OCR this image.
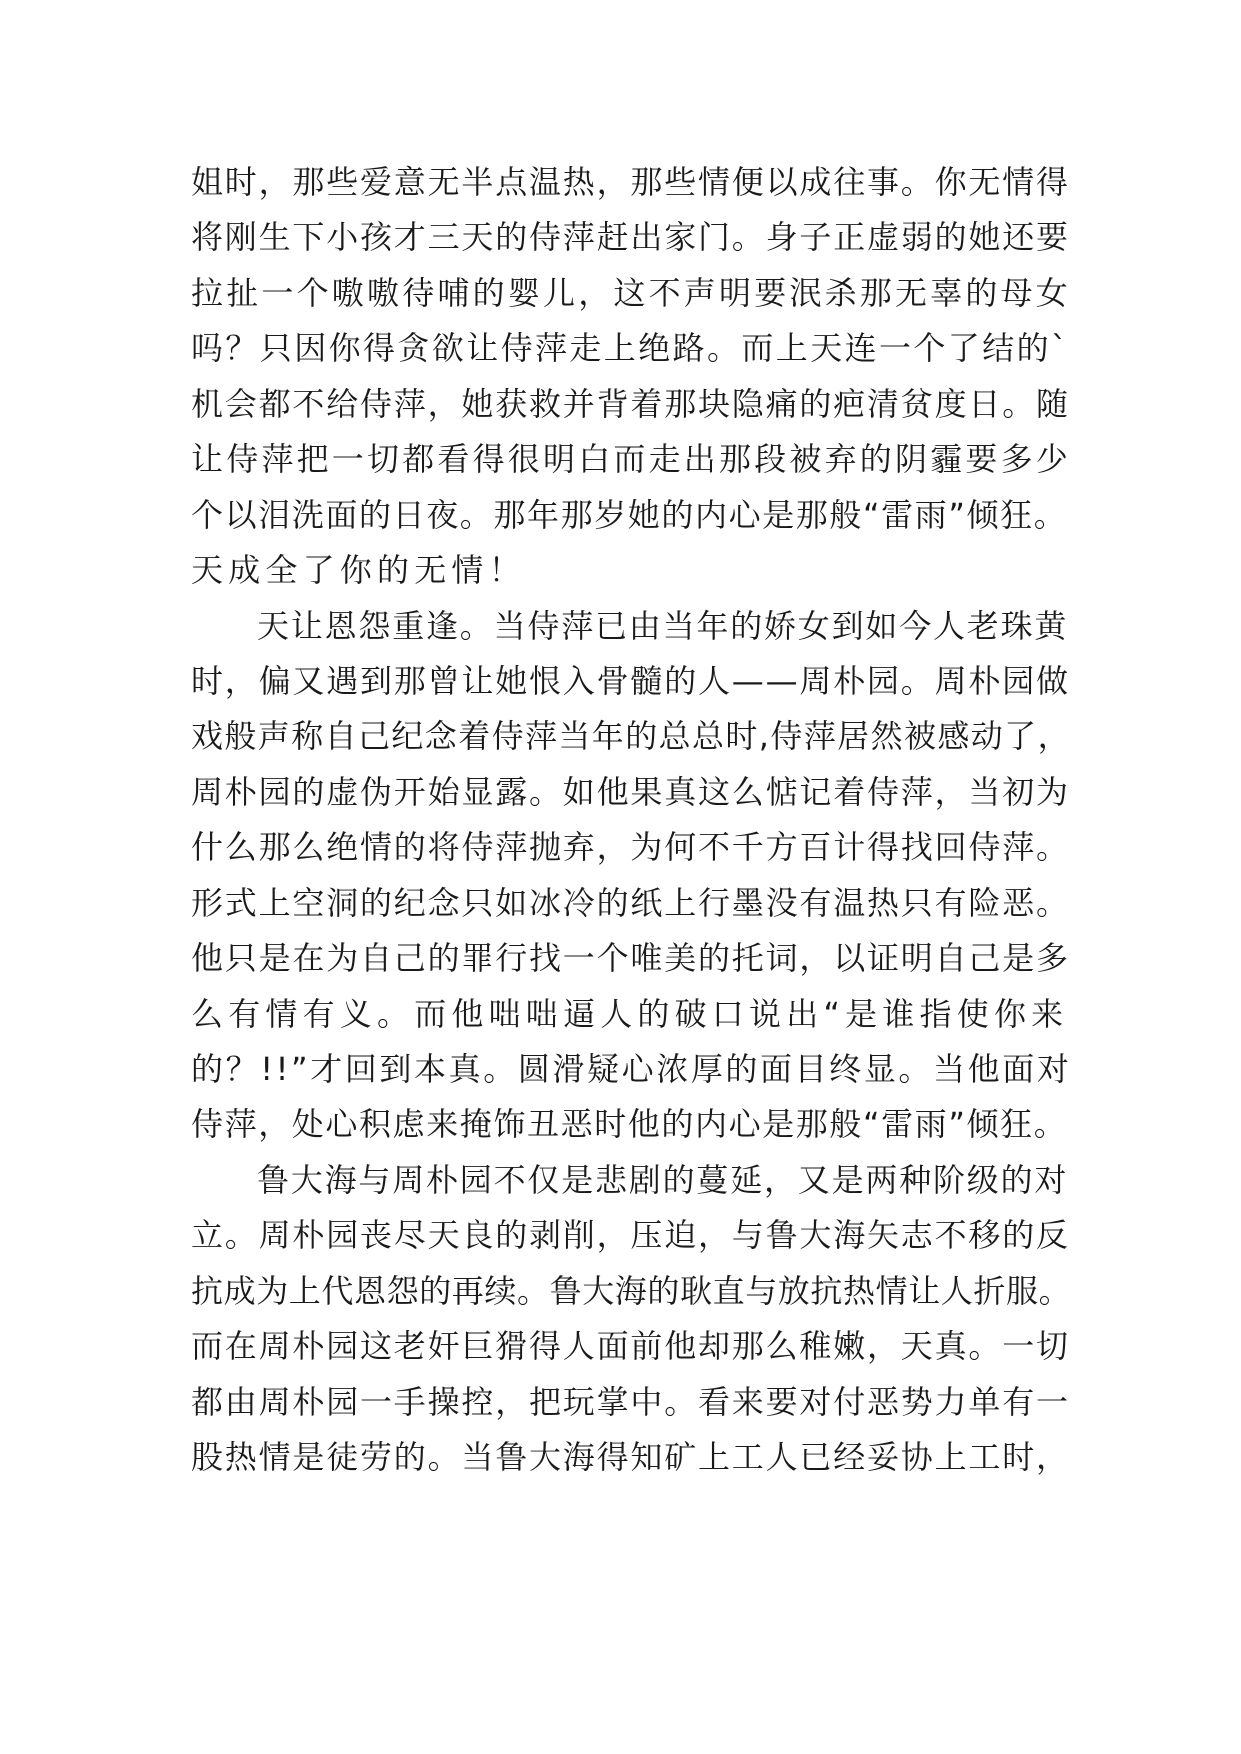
姐时，那些爱意无半点温热，那些情便以成往事。你无情得
将刚生下小孩才三天的侍萍赶出家门。身子正虚弱的她还要
拉扯一个嗷嗷待哺的婴儿，这不声明要泯杀那无辜的母女
吗？只因你得贪欲让侍萍走上绝路。而上天连一个了结的`
机会都不给侍萍，她获救并背着那块隐痛的疤清贫度日。随
让侍萍把一切都看得很明白而走出那段被弃的阴霾要多少
个以泪洗面的日夜。那年那岁她的内心是那般“雷雨”倾狂。
天成全了你的无情！
天让恩怨重逢。当侍萍已由当年的娇女到如今人老珠黄
时，偏又遇到那曾让她恨入骨髓的人——周朴园。周朴园做
戏般声称自己纪念着侍萍当年的总总时,侍萍居然被感动了，
周朴园的虚伪开始显露。如他果真这么惦记着侍萍，当初为
什么那么绝情的将侍萍抛弃，为何不千方百计得找回侍萍。
形式上空洞的纪念只如冰冷的纸上行墨没有温热只有险恶。
他只是在为自己的罪行找一个唯美的托词，以证明自己是多
么有情有义。而他咄咄逼人的破口说出“是谁指使你来
的？!!”才回到本真。圆滑疑心浓厚的面目终显。当他面对
侍萍，处心积虑来掩饰丑恶时他的内心是那般“雷雨”倾狂。
鲁大海与周朴园不仅是悲剧的蔓延，又是两种阶级的对
立。周朴园丧尽天良的剥削，压迫，与鲁大海矢志不移的反
抗成为上代恩怨的再续。鲁大海的耿直与放抗热情让人折服。
而在周朴园这老奸巨猾得人面前他却那么稚嫩，天真。一切
都由周朴园一手操控，把玩掌中。看来要对付恶势力单有一
股热情是徒劳的。当鲁大海得知矿上工人已经妥协上工时，
